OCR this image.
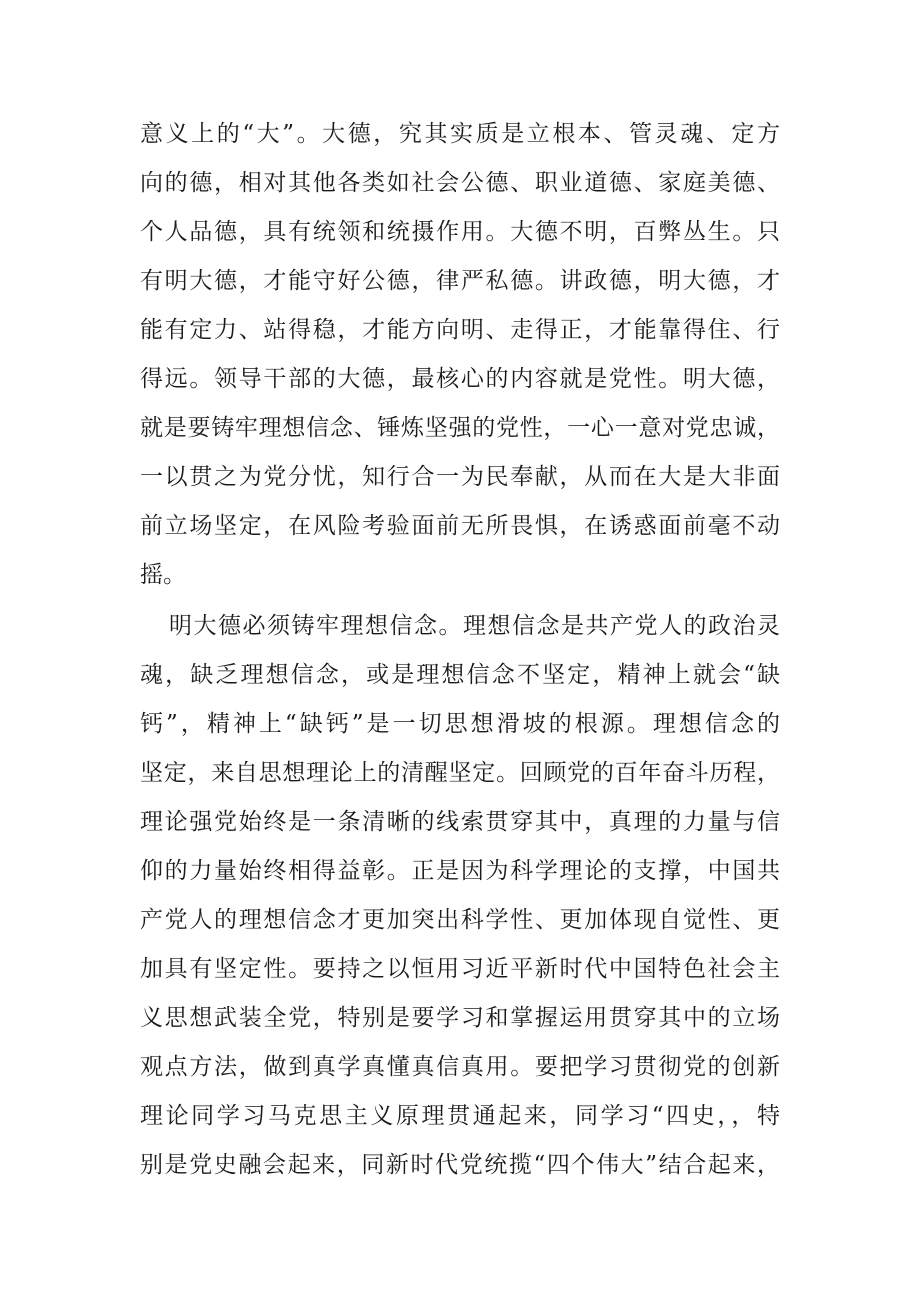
意义上的“大”。大德，究其实质是立根本、管灵魂、定方
向的德，相对其他各类如社会公德、职业道德、家庭美德、
个人品德，具有统领和统摄作用。大德不明，百弊丛生。只
有明大德，才能守好公德，律严私德。讲政德，明大德，才
能有定力、站得稳，才能方向明、走得正，才能靠得住、行
得远。领导干部的大德，最核心的内容就是党性。明大德，
就是要铸牢理想信念、锤炼坚强的党性，一心一意对党忠诚，
一以贯之为党分忧，知行合一为民奉献，从而在大是大非面
前立场坚定，在风险考验面前无所畏惧，在诱惑面前毫不动
摇。
明大德必须铸牢理想信念。理想信念是共产党人的政治灵
魂，缺乏理想信念，或是理想信念不坚定，精神上就会“缺
钙”，精神上“缺钙”是一切思想滑坡的根源。理想信念的
坚定，来自思想理论上的清醒坚定。回顾党的百年奋斗历程，
理论强党始终是一条清晰的线索贯穿其中，真理的力量与信
仰的力量始终相得益彰。正是因为科学理论的支撑，中国共
产党人的理想信念才更加突出科学性、更加体现自觉性、更
加具有坚定性。要持之以恒用习近平新时代中国特色社会主
义思想武装全党，特别是要学习和掌握运用贯穿其中的立场
观点方法，做到真学真懂真信真用。要把学习贯彻党的创新
理论同学习马克思主义原理贯通起来，同学习“四史，，特
别是党史融会起来，同新时代党统揽“四个伟大”结合起来，
